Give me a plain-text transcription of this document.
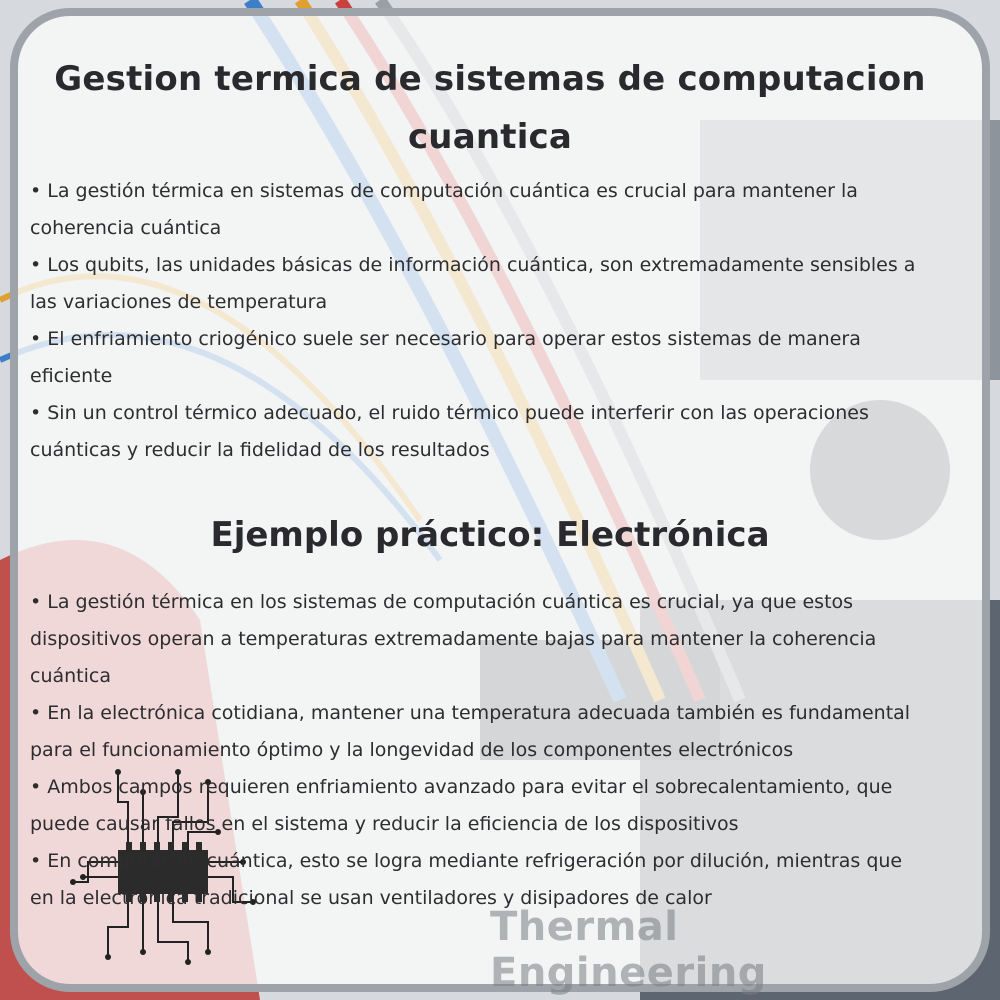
Gestion termica de sistemas de computacion cuantica
• La gestión térmica en sistemas de computación cuántica es crucial para mantener la coherencia cuántica
• Los qubits, las unidades básicas de información cuántica, son extremadamente sensibles a las variaciones de temperatura
• El enfriamiento criogénico suele ser necesario para operar estos sistemas de manera eficiente
• Sin un control térmico adecuado, el ruido térmico puede interferir con las operaciones cuánticas y reducir la fidelidad de los resultados
Ejemplo práctico: Electrónica
Thermal Engineering
• La gestión térmica en los sistemas de computación cuántica es crucial, ya que estos dispositivos operan a temperaturas extremadamente bajas para mantener la coherencia cuántica
• En la electrónica cotidiana, mantener una temperatura adecuada también es fundamental para el funcionamiento óptimo y la longevidad de los componentes electrónicos
• Ambos campos requieren enfriamiento avanzado para evitar el sobrecalentamiento, que puede causar fallos en el sistema y reducir la eficiencia de los dispositivos
• En computación cuántica, esto se logra mediante refrigeración por dilución, mientras que en la electrónica tradicional se usan ventiladores y disipadores de calor
